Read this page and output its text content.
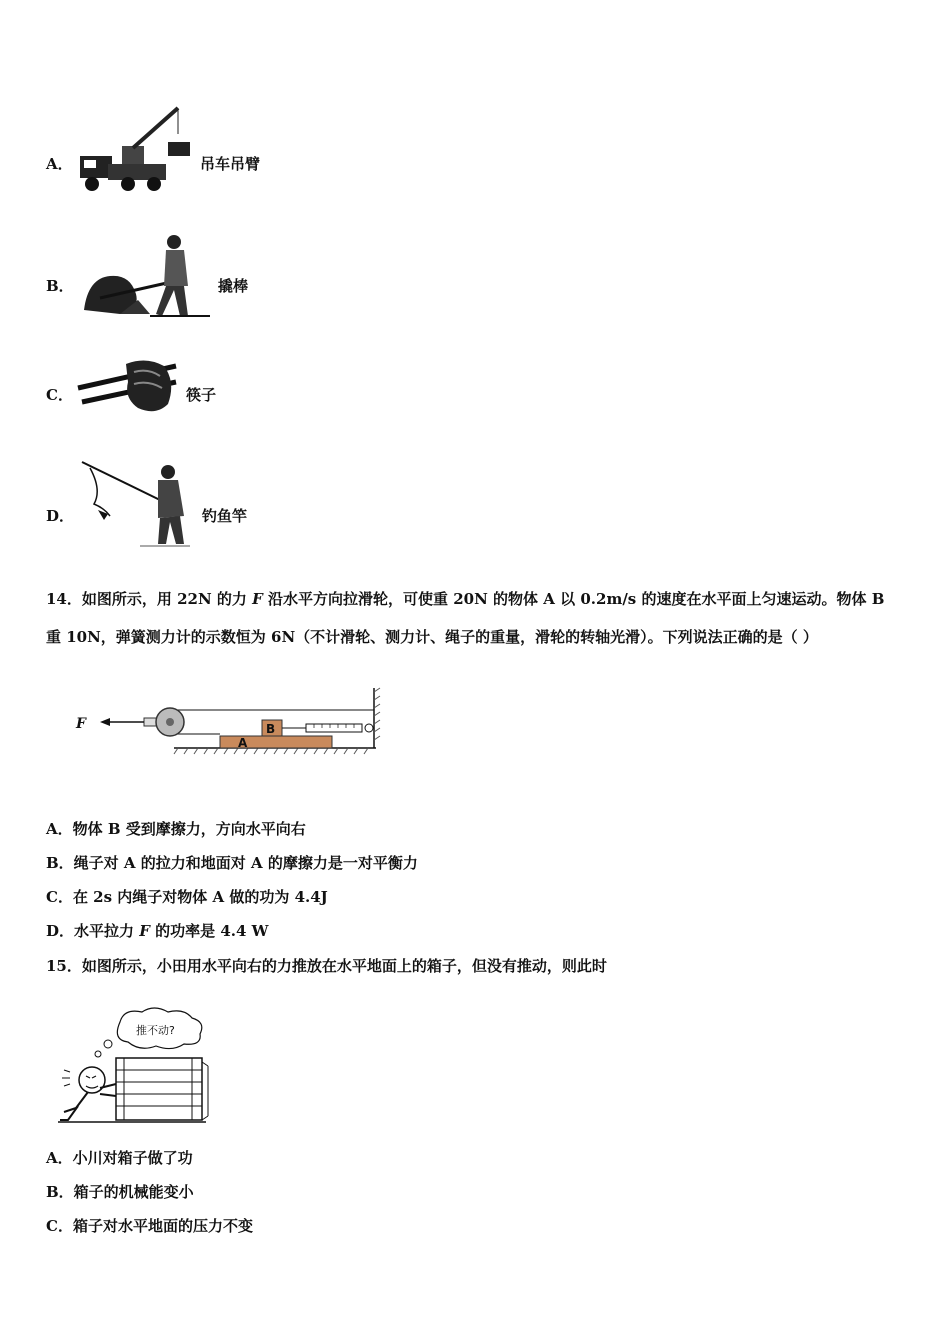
A．	吊车吊臂
B．	撬棒
C．	筷子
D．	钓鱼竿
14．如图所示，用 22N 的力 F 沿水平方向拉滑轮，可使重 20N 的物体 A 以 0.2m/s 的速度在水平面上匀速运动。物体 B
重 10N，弹簧测力计的示数恒为 6N（不计滑轮、测力计、绳子的重量，滑轮的转轴光滑）。下列说法正确的是（ ）
F
A
B
A．物体 B 受到摩擦力，方向水平向右
B．绳子对 A 的拉力和地面对 A 的摩擦力是一对平衡力
C．在 2s 内绳子对物体 A 做的功为 4.4J
D．水平拉力 F 的功率是 4.4 W
15．如图所示，小田用水平向右的力推放在水平地面上的箱子，但没有推动，则此时
推不动?
A．小川对箱子做了功
B．箱子的机械能变小
C．箱子对水平地面的压力不变
